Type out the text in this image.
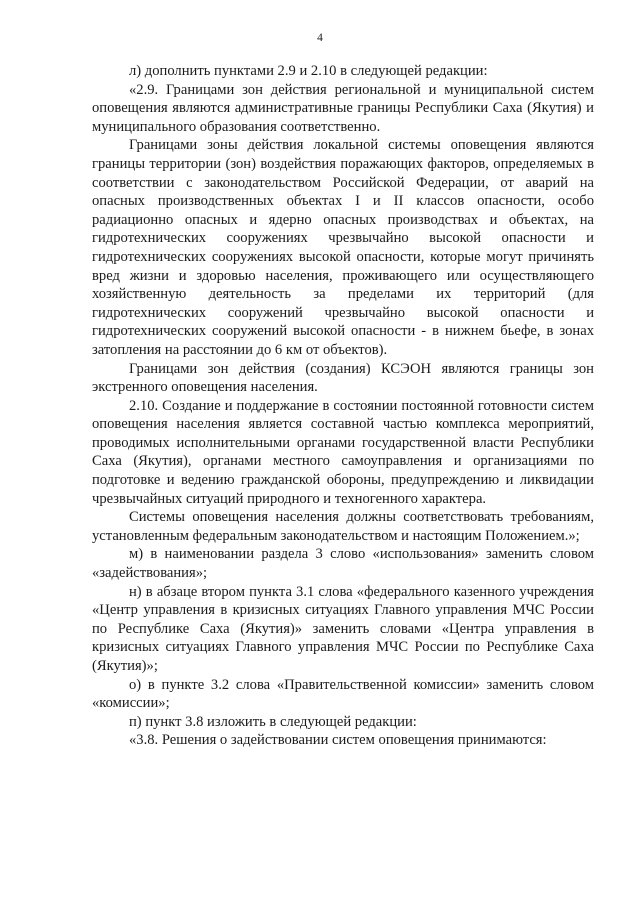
4

л) дополнить пунктами 2.9 и 2.10 в следующей редакции:

«2.9. Границами зон действия региональной и муниципальной систем оповещения являются административные границы Республики Саха (Якутия) и муниципального образования соответственно.

Границами зоны действия локальной системы оповещения являются границы территории (зон) воздействия поражающих факторов, определяемых в соответствии с законодательством Российской Федерации, от аварий на опасных производственных объектах I и II классов опасности, особо радиационно опасных и ядерно опасных производствах и объектах, на гидротехнических сооружениях чрезвычайно высокой опасности и гидротехнических сооружениях высокой опасности, которые могут причинять вред жизни и здоровью населения, проживающего или осуществляющего хозяйственную деятельность за пределами их территорий (для гидротехнических сооружений чрезвычайно высокой опасности и гидротехнических сооружений высокой опасности - в нижнем бьефе, в зонах затопления на расстоянии до 6 км от объектов).

Границами зон действия (создания) КСЭОН являются границы зон экстренного оповещения населения.

2.10. Создание и поддержание в состоянии постоянной готовности систем оповещения населения является составной частью комплекса мероприятий, проводимых исполнительными органами государственной власти Республики Саха (Якутия), органами местного самоуправления и организациями по подготовке и ведению гражданской обороны, предупреждению и ликвидации чрезвычайных ситуаций природного и техногенного характера.

Системы оповещения населения должны соответствовать требованиям, установленным федеральным законодательством и настоящим Положением.»;

м) в наименовании раздела 3 слово «использования» заменить словом «задействования»;

н) в абзаце втором пункта 3.1 слова «федерального казенного учреждения «Центр управления в кризисных ситуациях Главного управления МЧС России по Республике Саха (Якутия)» заменить словами «Центра управления в кризисных ситуациях Главного управления МЧС России по Республике Саха (Якутия)»;

о) в пункте 3.2 слова «Правительственной комиссии» заменить словом «комиссии»;

п) пункт 3.8 изложить в следующей редакции:

«3.8. Решения о задействовании систем оповещения принимаются:
